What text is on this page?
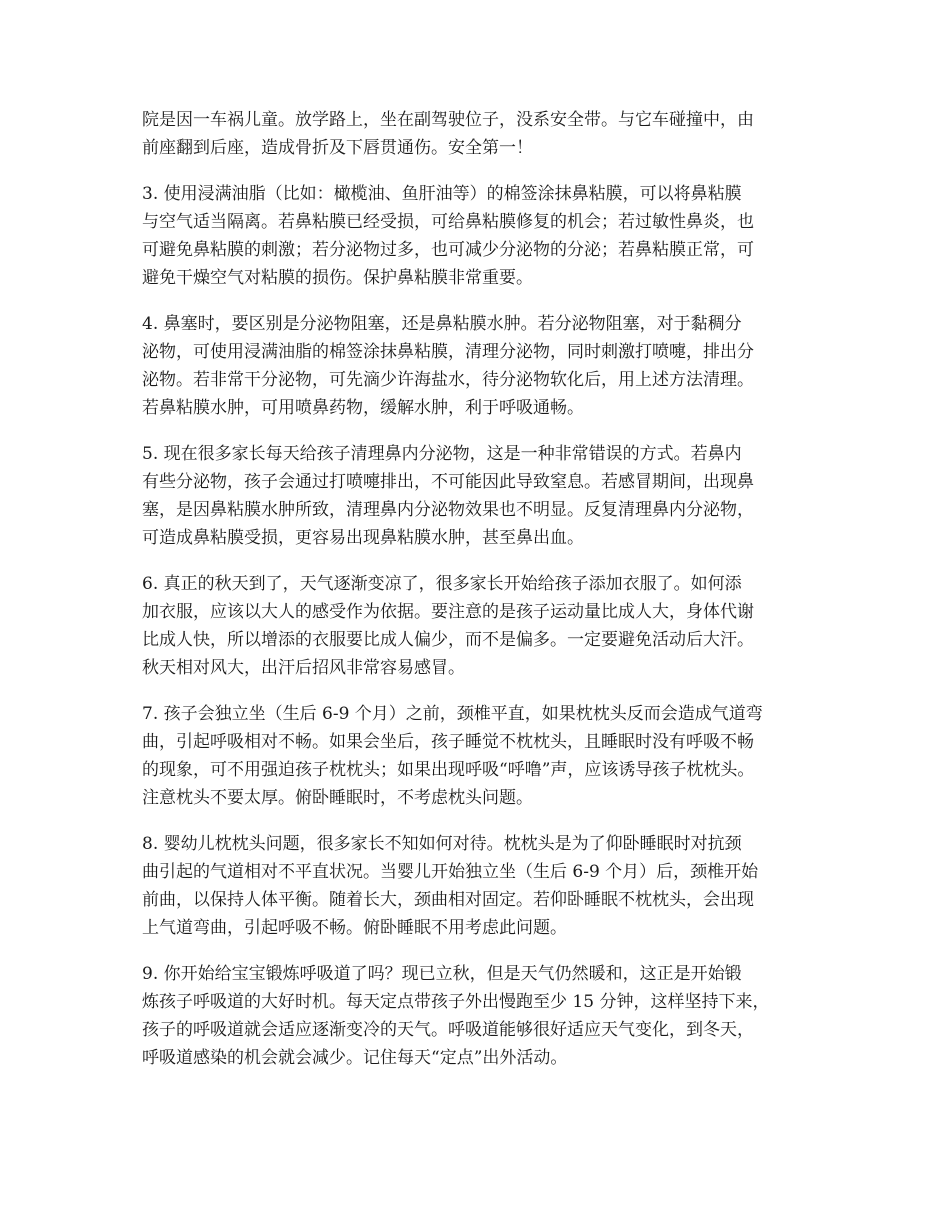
院是因一车祸儿童。放学路上，坐在副驾驶位子，没系安全带。与它车碰撞中，由
前座翻到后座，造成骨折及下唇贯通伤。安全第一！

3. 使用浸满油脂（比如：橄榄油、鱼肝油等）的棉签涂抹鼻粘膜，可以将鼻粘膜
与空气适当隔离。若鼻粘膜已经受损，可给鼻粘膜修复的机会；若过敏性鼻炎，也
可避免鼻粘膜的刺激；若分泌物过多，也可减少分泌物的分泌；若鼻粘膜正常，可
避免干燥空气对粘膜的损伤。保护鼻粘膜非常重要。

4. 鼻塞时，要区别是分泌物阻塞，还是鼻粘膜水肿。若分泌物阻塞，对于黏稠分
泌物，可使用浸满油脂的棉签涂抹鼻粘膜，清理分泌物，同时刺激打喷嚏，排出分
泌物。若非常干分泌物，可先滴少许海盐水，待分泌物软化后，用上述方法清理。
若鼻粘膜水肿，可用喷鼻药物，缓解水肿，利于呼吸通畅。

5. 现在很多家长每天给孩子清理鼻内分泌物，这是一种非常错误的方式。若鼻内
有些分泌物，孩子会通过打喷嚏排出，不可能因此导致窒息。若感冒期间，出现鼻
塞，是因鼻粘膜水肿所致，清理鼻内分泌物效果也不明显。反复清理鼻内分泌物，
可造成鼻粘膜受损，更容易出现鼻粘膜水肿，甚至鼻出血。

6. 真正的秋天到了，天气逐渐变凉了，很多家长开始给孩子添加衣服了。如何添
加衣服，应该以大人的感受作为依据。要注意的是孩子运动量比成人大，身体代谢
比成人快，所以增添的衣服要比成人偏少，而不是偏多。一定要避免活动后大汗。
秋天相对风大，出汗后招风非常容易感冒。

7. 孩子会独立坐（生后 6-9 个月）之前，颈椎平直，如果枕枕头反而会造成气道弯
曲，引起呼吸相对不畅。如果会坐后，孩子睡觉不枕枕头，且睡眠时没有呼吸不畅
的现象，可不用强迫孩子枕枕头；如果出现呼吸“呼噜”声，应该诱导孩子枕枕头。
注意枕头不要太厚。俯卧睡眠时，不考虑枕头问题。

8. 婴幼儿枕枕头问题，很多家长不知如何对待。枕枕头是为了仰卧睡眠时对抗颈
曲引起的气道相对不平直状况。当婴儿开始独立坐（生后 6-9 个月）后，颈椎开始
前曲，以保持人体平衡。随着长大，颈曲相对固定。若仰卧睡眠不枕枕头，会出现
上气道弯曲，引起呼吸不畅。俯卧睡眠不用考虑此问题。

9. 你开始给宝宝锻炼呼吸道了吗？现已立秋，但是天气仍然暖和，这正是开始锻
炼孩子呼吸道的大好时机。每天定点带孩子外出慢跑至少 15 分钟，这样坚持下来，
孩子的呼吸道就会适应逐渐变冷的天气。呼吸道能够很好适应天气变化，到冬天，
呼吸道感染的机会就会减少。记住每天“定点”出外活动。
